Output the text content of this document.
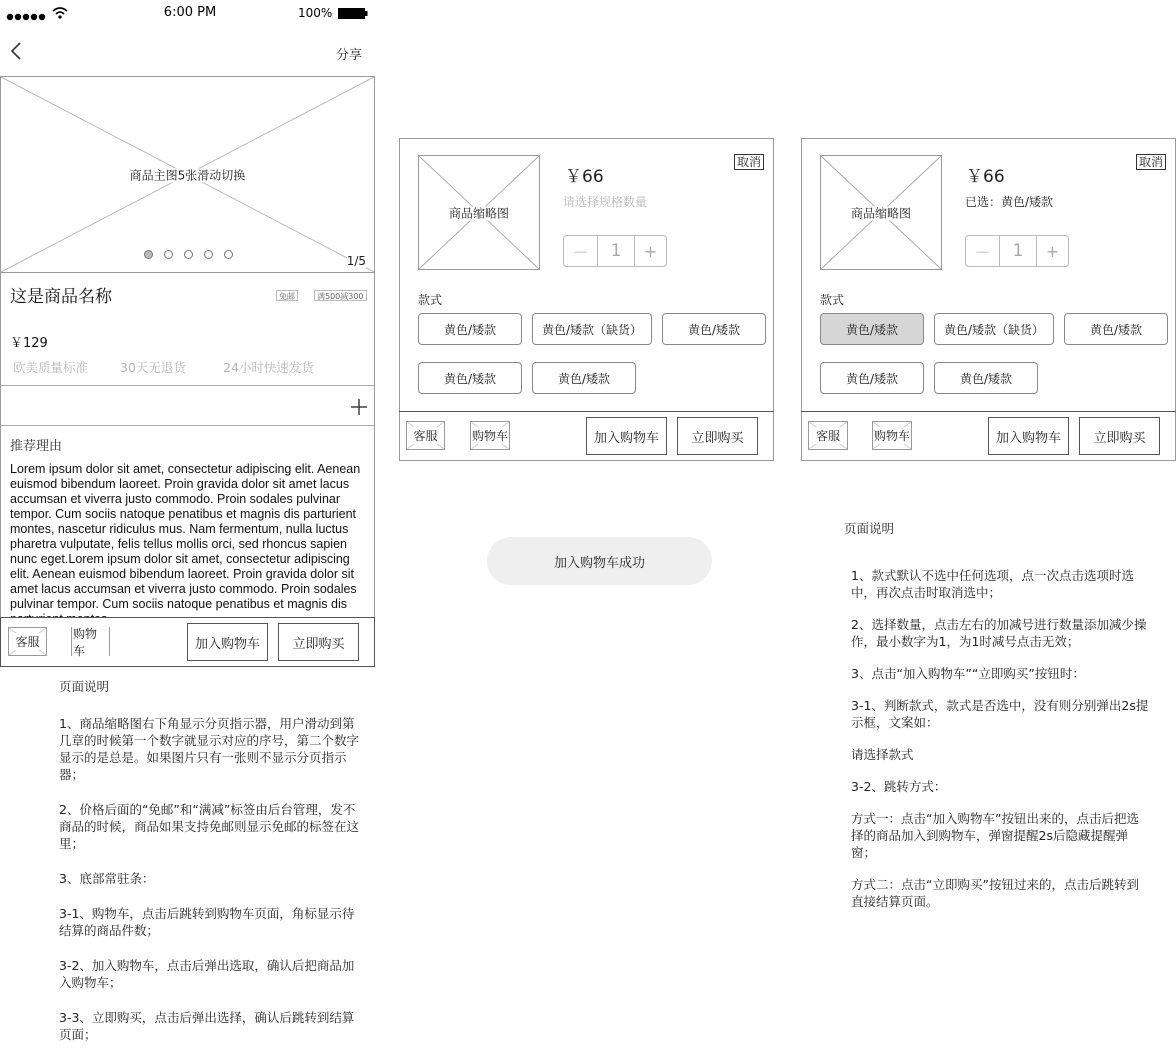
6:00 PM	100%
分享
商品主图5张滑动切换
1/5
这是商品名称	免邮	满500减300
￥129
欧美质量标准	30天无退货	24小时快速发货
推荐理由
Lorem ipsum dolor sit amet, consectetur adipiscing elit. Aenean euismod bibendum laoreet. Proin gravida dolor sit amet lacus accumsan et viverra justo commodo. Proin sodales pulvinar tempor. Cum sociis natoque penatibus et magnis dis parturient montes, nascetur ridiculus mus. Nam fermentum, nulla luctus pharetra vulputate, felis tellus mollis orci, sed rhoncus sapien nunc eget.Lorem ipsum dolor sit amet, consectetur adipiscing elit. Aenean euismod bibendum laoreet. Proin gravida dolor sit amet lacus accumsan et viverra justo commodo. Proin sodales pulvinar tempor. Cum sociis natoque penatibus et magnis dis
客服
购物车	加入购物车	立即购买

页面说明

1、商品缩略图右下角显示分页指示器，用户滑动到第几章的时候第一个数字就显示对应的序号，第二个数字显示的是总是。如果图片只有一张则不显示分页指示器；

2、价格后面的“免邮”和“满减”标签由后台管理，发不商品的时候，商品如果支持免邮则显示免邮的标签在这里；

3、底部常驻条：

3-1、购物车，点击后跳转到购物车页面，角标显示待结算的商品件数；

3-2、加入购物车，点击后弹出选取，确认后把商品加入购物车；

3-3、立即购买，点击后弹出选择，确认后跳转到结算页面；

商品缩略图
￥66
取消
请选择规格数量
－	1	+
款式
黄色/矮款	黄色/矮款（缺货）	黄色/矮款
黄色/矮款	黄色/矮款
客服	购物车	加入购物车	立即购买
加入购物车成功
商品缩略图
￥66
取消
已选：黄色/矮款
－	1	+
款式
黄色/矮款	黄色/矮款（缺货）	黄色/矮款
黄色/矮款	黄色/矮款
客服	购物车	加入购物车	立即购买
页面说明

1、款式默认不选中任何选项，点一次点击选项时选中，再次点击时取消选中；

2、选择数量，点击左右的加减号进行数量添加减少操作，最小数字为1，为1时减号点击无效；

3、点击“加入购物车”“立即购买”按钮时：

3-1、判断款式，款式是否选中，没有则分别弹出2s提示框，文案如：

请选择款式

3-2、跳转方式：

方式一：点击“加入购物车”按钮出来的，点击后把选择的商品加入到购物车，弹窗提醒2s后隐藏提醒弹窗；

方式二：点击“立即购买”按钮过来的，点击后跳转到直接结算页面。
